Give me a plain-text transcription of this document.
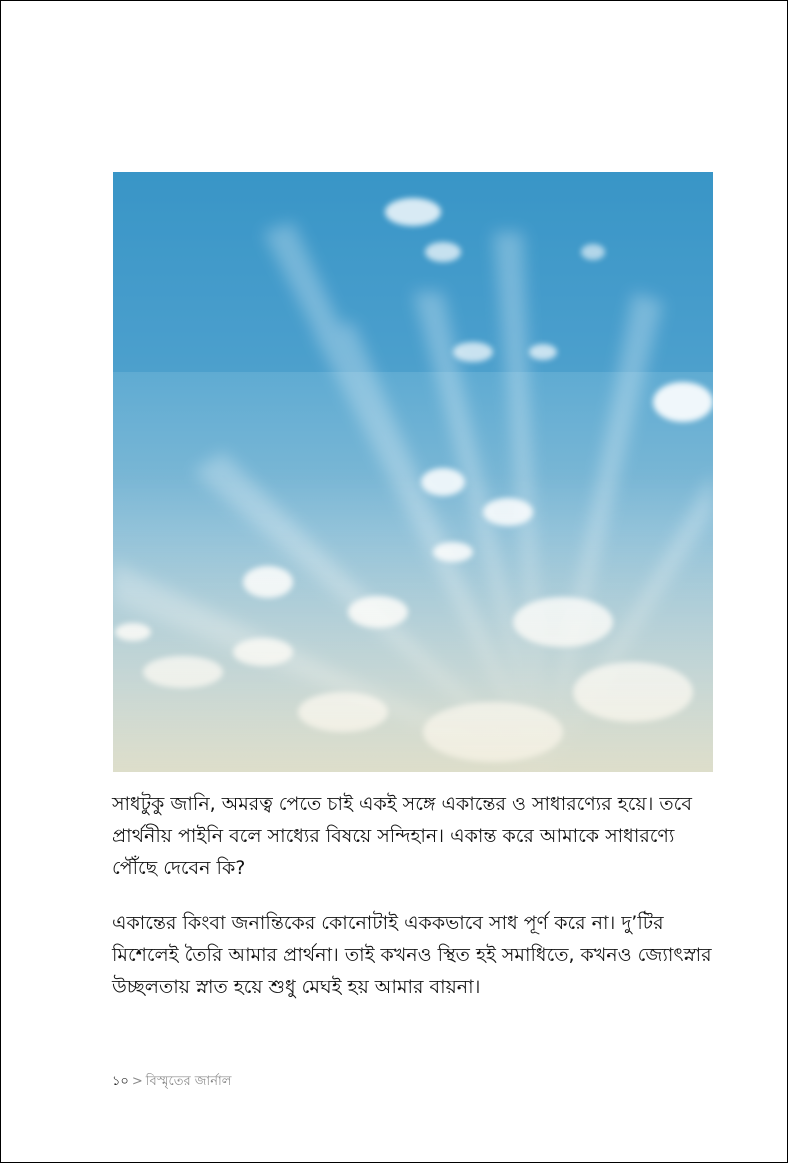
সাধটুকু জানি, অমরত্ব পেতে চাই একই সঙ্গে একান্তের ও সাধারণ্যের হয়ে। তবে প্রার্থনীয় পাইনি বলে সাধ্যের বিষয়ে সন্দিহান। একান্ত করে আমাকে সাধারণ্যে পৌঁছে দেবেন কি?

একান্তের কিংবা জনান্তিকের কোনোটাই এককভাবে সাধ পূর্ণ করে না। দু’টির মিশেলেই তৈরি আমার প্রার্থনা। তাই কখনও স্থিত হই সমাধিতে, কখনও জ্যোৎস্নার উচ্ছলতায় স্নাত হয়ে শুধু মেঘই হয় আমার বায়না।

১০ > বিস্মৃতের জার্নাল
